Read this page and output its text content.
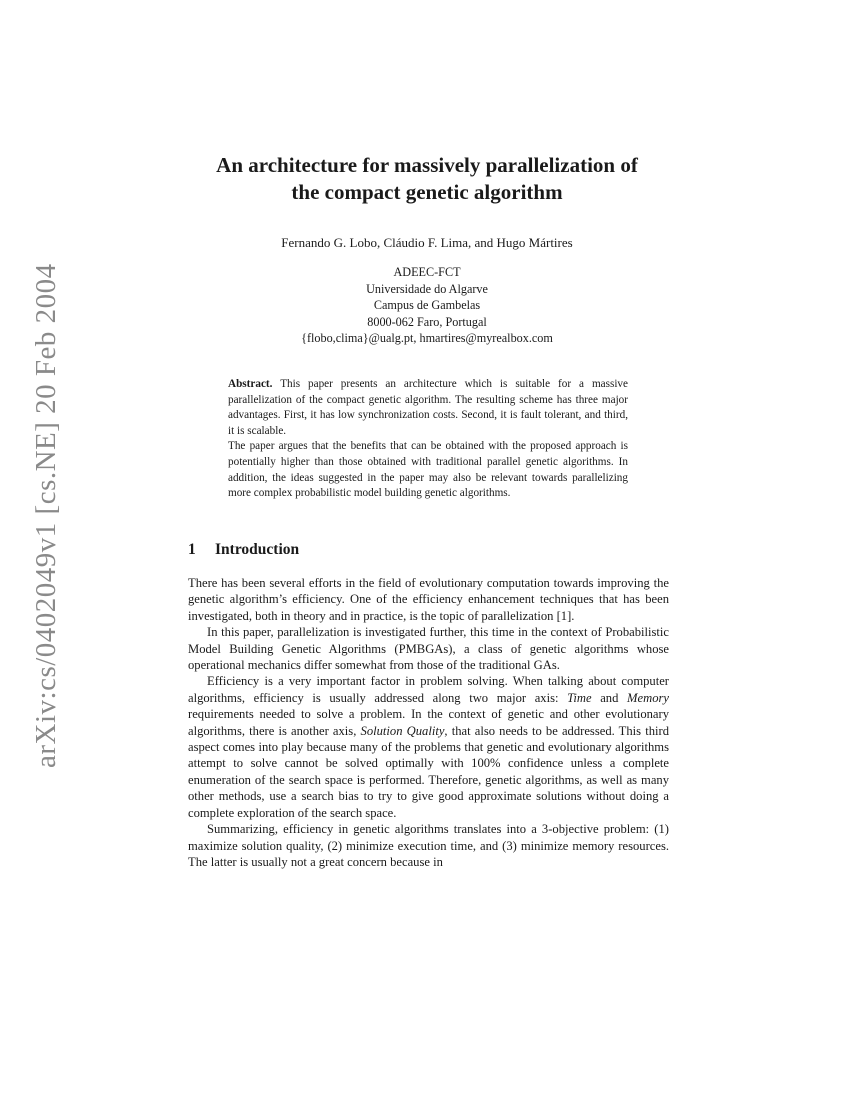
arXiv:cs/0402049v1 [cs.NE] 20 Feb 2004
An architecture for massively parallelization of
the compact genetic algorithm
Fernando G. Lobo, Cláudio F. Lima, and Hugo Mártires
ADEEC-FCT
Universidade do Algarve
Campus de Gambelas
8000-062 Faro, Portugal
{flobo,clima}@ualg.pt, hmartires@myrealbox.com

Abstract. This paper presents an architecture which is suitable for a massive parallelization of the compact genetic algorithm. The resulting scheme has three major advantages. First, it has low synchronization costs. Second, it is fault tolerant, and third, it is scalable.

The paper argues that the benefits that can be obtained with the proposed approach is potentially higher than those obtained with traditional parallel genetic algorithms. In addition, the ideas suggested in the paper may also be relevant towards parallelizing more complex probabilistic model building genetic algorithms.

1 Introduction

There has been several efforts in the field of evolutionary computation towards improving the genetic algorithm’s efficiency. One of the efficiency enhancement techniques that has been investigated, both in theory and in practice, is the topic of parallelization [1].

In this paper, parallelization is investigated further, this time in the context of Probabilistic Model Building Genetic Algorithms (PMBGAs), a class of genetic algorithms whose operational mechanics differ somewhat from those of the traditional GAs.

Efficiency is a very important factor in problem solving. When talking about computer algorithms, efficiency is usually addressed along two major axis: Time and Memory requirements needed to solve a problem. In the context of genetic and other evolutionary algorithms, there is another axis, Solution Quality, that also needs to be addressed. This third aspect comes into play because many of the problems that genetic and evolutionary algorithms attempt to solve cannot be solved optimally with 100% confidence unless a complete enumeration of the search space is performed. Therefore, genetic algorithms, as well as many other methods, use a search bias to try to give good approximate solutions without doing a complete exploration of the search space.

Summarizing, efficiency in genetic algorithms translates into a 3-objective problem: (1) maximize solution quality, (2) minimize execution time, and (3) minimize memory resources. The latter is usually not a great concern because in
